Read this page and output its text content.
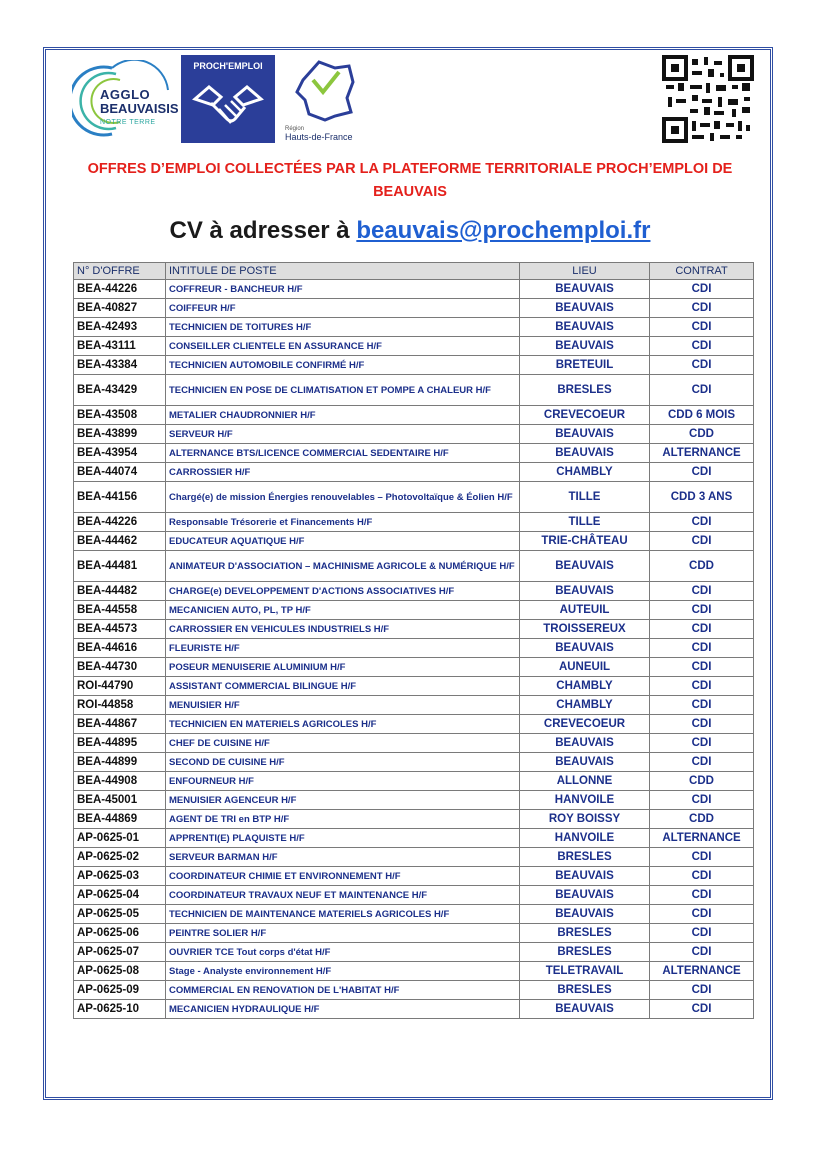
AGGLO
BEAUVAISIS
NOTRE TERRE
PROCH'EMPLOI
Région
Hauts-de-France
OFFRES D’EMPLOI COLLECTÉES PAR LA PLATEFORME TERRITORIALE PROCH’EMPLOI DE BEAUVAIS
CV à adresser à beauvais@prochemploi.fr
N° D'OFFRE	INTITULE DE POSTE	LIEU	CONTRAT
BEA-44226	COFFREUR - BANCHEUR H/F	BEAUVAIS	CDI
BEA-40827	COIFFEUR H/F	BEAUVAIS	CDI
BEA-42493	TECHNICIEN DE TOITURES H/F	BEAUVAIS	CDI
BEA-43111	CONSEILLER CLIENTELE EN ASSURANCE H/F	BEAUVAIS	CDI
BEA-43384	TECHNICIEN AUTOMOBILE CONFIRMÉ H/F	BRETEUIL	CDI
BEA-43429	TECHNICIEN EN POSE DE CLIMATISATION ET POMPE A CHALEUR H/F	BRESLES	CDI
BEA-43508	METALIER CHAUDRONNIER H/F	CREVECOEUR	CDD 6 MOIS
BEA-43899	SERVEUR H/F	BEAUVAIS	CDD
BEA-43954	ALTERNANCE BTS/LICENCE COMMERCIAL SEDENTAIRE H/F	BEAUVAIS	ALTERNANCE
BEA-44074	CARROSSIER H/F	CHAMBLY	CDI
BEA-44156	Chargé(e) de mission Énergies renouvelables – Photovoltaïque & Éolien H/F	TILLE	CDD 3 ANS
BEA-44226	Responsable Trésorerie et Financements H/F	TILLE	CDI
BEA-44462	EDUCATEUR AQUATIQUE H/F	TRIE-CHÂTEAU	CDI
BEA-44481	ANIMATEUR D'ASSOCIATION – MACHINISME AGRICOLE & NUMÉRIQUE H/F	BEAUVAIS	CDD
BEA-44482	CHARGE(e) DEVELOPPEMENT D'ACTIONS ASSOCIATIVES H/F	BEAUVAIS	CDI
BEA-44558	MECANICIEN AUTO, PL, TP H/F	AUTEUIL	CDI
BEA-44573	CARROSSIER EN VEHICULES INDUSTRIELS H/F	TROISSEREUX	CDI
BEA-44616	FLEURISTE H/F	BEAUVAIS	CDI
BEA-44730	POSEUR MENUISERIE ALUMINIUM H/F	AUNEUIL	CDI
ROI-44790	ASSISTANT COMMERCIAL BILINGUE H/F	CHAMBLY	CDI
ROI-44858	MENUISIER H/F	CHAMBLY	CDI
BEA-44867	TECHNICIEN EN MATERIELS AGRICOLES H/F	CREVECOEUR	CDI
BEA-44895	CHEF DE CUISINE H/F	BEAUVAIS	CDI
BEA-44899	SECOND DE CUISINE H/F	BEAUVAIS	CDI
BEA-44908	ENFOURNEUR H/F	ALLONNE	CDD
BEA-45001	MENUISIER AGENCEUR H/F	HANVOILE	CDI
BEA-44869	AGENT DE TRI en BTP H/F	ROY BOISSY	CDD
AP-0625-01	APPRENTI(E) PLAQUISTE H/F	HANVOILE	ALTERNANCE
AP-0625-02	SERVEUR BARMAN H/F	BRESLES	CDI
AP-0625-03	COORDINATEUR CHIMIE ET ENVIRONNEMENT H/F	BEAUVAIS	CDI
AP-0625-04	COORDINATEUR TRAVAUX NEUF ET MAINTENANCE H/F	BEAUVAIS	CDI
AP-0625-05	TECHNICIEN DE MAINTENANCE MATERIELS AGRICOLES H/F	BEAUVAIS	CDI
AP-0625-06	PEINTRE SOLIER H/F	BRESLES	CDI
AP-0625-07	OUVRIER TCE Tout corps d'état H/F	BRESLES	CDI
AP-0625-08	Stage - Analyste environnement H/F	TELETRAVAIL	ALTERNANCE
AP-0625-09	COMMERCIAL EN RENOVATION DE L'HABITAT H/F	BRESLES	CDI
AP-0625-10	MECANICIEN HYDRAULIQUE H/F	BEAUVAIS	CDI
